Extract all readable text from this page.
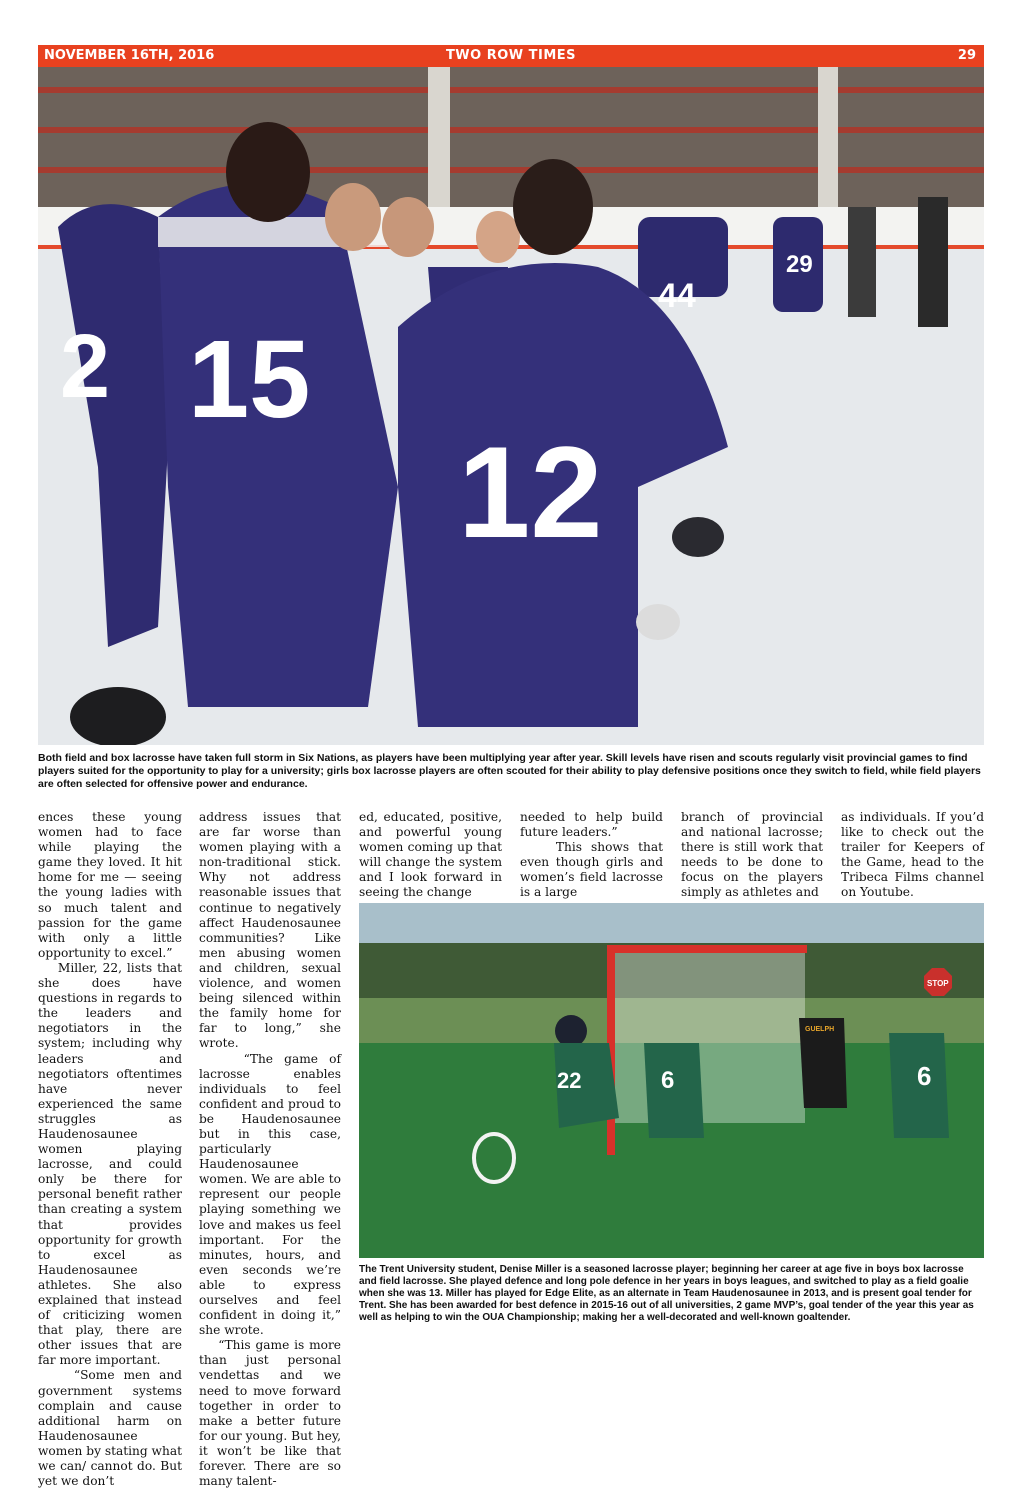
NOVEMBER 16TH, 2016	TWO ROW TIMES	29
29
44
2 15
12
Both field and box lacrosse have taken full storm in Six Nations, as players have been multiplying year after year. Skill levels have risen and scouts regularly visit provincial games to find players suited for the opportunity to play for a university; girls box lacrosse players are often scouted for their ability to play defensive positions once they switch to field, while field players are often selected for offensive power and endurance.
ences these young women had to face while playing the game they loved. It hit home for me — seeing the young ladies with so much talent and passion for the game with only a little opportunity to excel.”
Miller, 22, lists that she does have questions in regards to the leaders and negotiators in the system; including why leaders and negotiators oftentimes have never experienced the same struggles as Haudenosaunee women playing lacrosse, and could only be there for personal benefit rather than creating a system that provides opportunity for growth to excel as Haudenosaunee athletes. She also explained that instead of criticizing women that play, there are other issues that are far more important.
“Some men and government systems complain and cause additional harm on Haudenosaunee women by stating what we can/ cannot do. But yet we don’t
address issues that are far worse than women playing with a non-traditional stick. Why not address reasonable issues that continue to negatively affect Haudenosaunee communities? Like men abusing women and children, sexual violence, and women being silenced within the family home for far to long,” she wrote.
“The game of lacrosse enables individuals to feel confident and proud to be Haudenosaunee but in this case, particularly Haudenosaunee women. We are able to represent our people playing something we love and makes us feel important. For the minutes, hours, and even seconds we’re able to express ourselves and feel confident in doing it,” she wrote.
“This game is more than just personal vendettas and we need to move forward together in order to make a better future for our young. But hey, it won’t be like that forever. There are so many talent-
ed, educated, positive, and powerful young women coming up that will change the system and I look forward in seeing the change
needed to help build future leaders.”
This shows that even though girls and women’s field lacrosse is a large
branch of provincial and national lacrosse; there is still work that needs to be done to focus on the players simply as athletes and
as individuals. If you’d like to check out the trailer for Keepers of the Game, head to the Tribeca Films channel on Youtube.
STOP
22	6
GUELPH
6
The Trent University student, Denise Miller is a seasoned lacrosse player; beginning her career at age five in boys box lacrosse and field lacrosse. She played defence and long pole defence in her years in boys leagues, and switched to play as a field goalie when she was 13. Miller has played for Edge Elite, as an alternate in Team Haudenosaunee in 2013, and is present goal tender for Trent. She has been awarded for best defence in 2015-16 out of all universities, 2 game MVP’s, goal tender of the year this year as well as helping to win the OUA Championship; making her a well-decorated and well-known goaltender.
